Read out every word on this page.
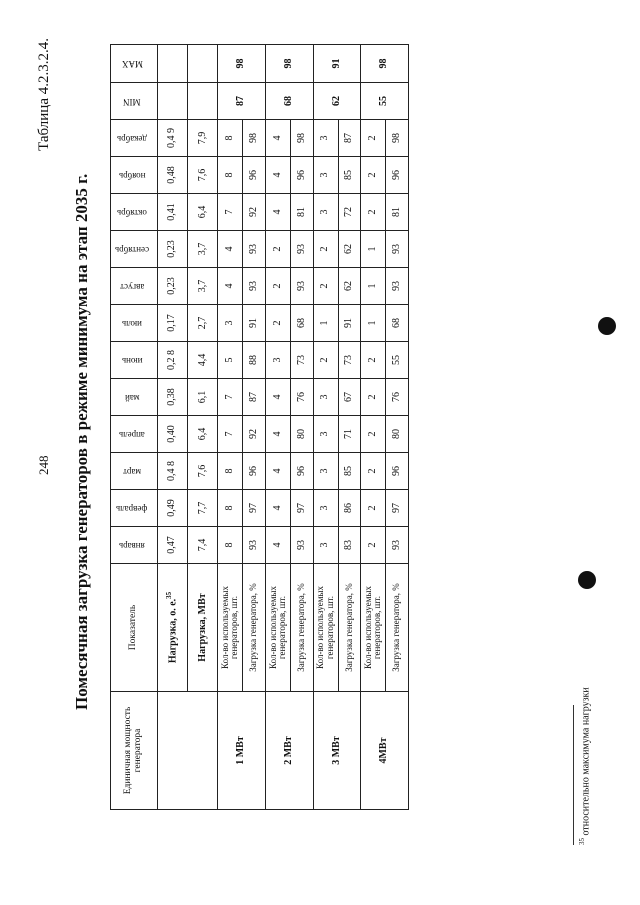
248
Таблица 4.2.3.2.4.
Помесячная загрузка генераторов в режиме минимума на этап 2035 г.
Единичная мощность генератора	Показатель	январь	февраль	март	апрель	май	июнь	июль	август	сентябрь	октябрь	ноябрь	декабрь	MIN	MAX
	Нагрузка, о. е.$^{35}$	0,47	0,49	0,4 8	0,40	0,38	0,2 8	0,17	0,23	0,23	0,41	0,48	0,4 9		
	Нагрузка, МВт	7,4	7,7	7,6	6,4	6,1	4,4	2,7	3,7	3,7	6,4	7,6	7,9		
1 МВт	Кол-во используемых генераторов, шт.	8	8	8	7	7	5	3	4	4	7	8	8	87	98
	Загрузка генератора, %	93	97	96	92	87	88	91	93	93	92	96	98		
2 МВт	Кол-во используемых генераторов, шт.	4	4	4	4	4	3	2	2	2	4	4	4	68	98
	Загрузка генератора, %	93	97	96	80	76	73	68	93	93	81	96	98		
3 МВт	Кол-во используемых генераторов, шт.	3	3	3	3	3	2	1	2	2	3	3	3	62	91
	Загрузка генератора, %	83	86	85	71	67	73	91	62	62	72	85	87		
4МВт	Кол-во используемых генераторов, шт.	2	2	2	2	2	2	1	1	1	2	2	2	55	98
	Загрузка генератора, %	93	97	96	80	76	55	68	93	93	81	96	98		
$^{35}$ относительно максимума нагрузки
